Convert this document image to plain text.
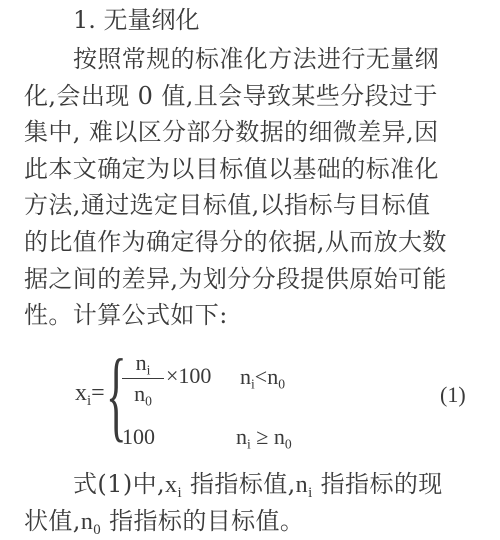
1. 无量纲化
按照常规的标准化方法进行无量纲
化,会出现 0 值,且会导致某些分段过于
集中, 难以区分部分数据的细微差异,因
此本文确定为以目标值以基础的标准化
方法,通过选定目标值,以指标与目标值
的比值作为确定得分的依据,从而放大数
据之间的差异,为划分分段提供原始可能
性。计算公式如下:
$x_i=$ { $n_i$
$n_0$
×100 $n_i<n_0$
100	$n_i \ge n_0$
(1)
式(1)中$,x_i$ 指指标值$,n_i$ 指指标的现
状值$,n_0$ 指指标的目标值。
